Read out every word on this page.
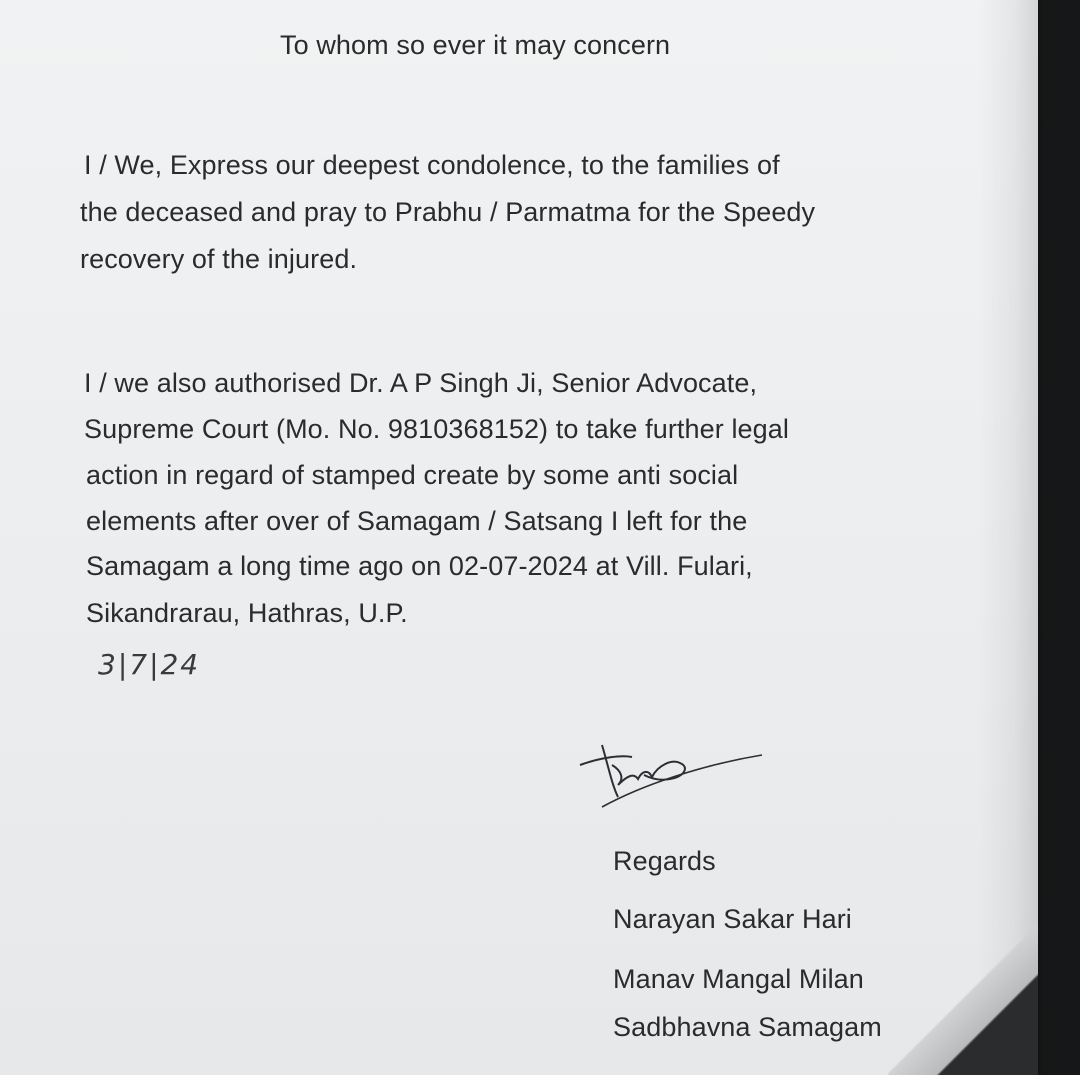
To whom so ever it may concern
I / We, Express our deepest condolence, to the families of
the deceased and pray to Prabhu / Parmatma for the Speedy
recovery of the injured.
I / we also authorised Dr. A P Singh Ji, Senior Advocate,
Supreme Court (Mo. No. 9810368152) to take further legal
action in regard of stamped create by some anti social
elements after over of Samagam / Satsang I left for the
Samagam a long time ago on 02-07-2024 at Vill. Fulari,
Sikandrarau, Hathras, U.P.
3|7|24
Regards
Narayan Sakar Hari
Manav Mangal Milan
Sadbhavna Samagam
